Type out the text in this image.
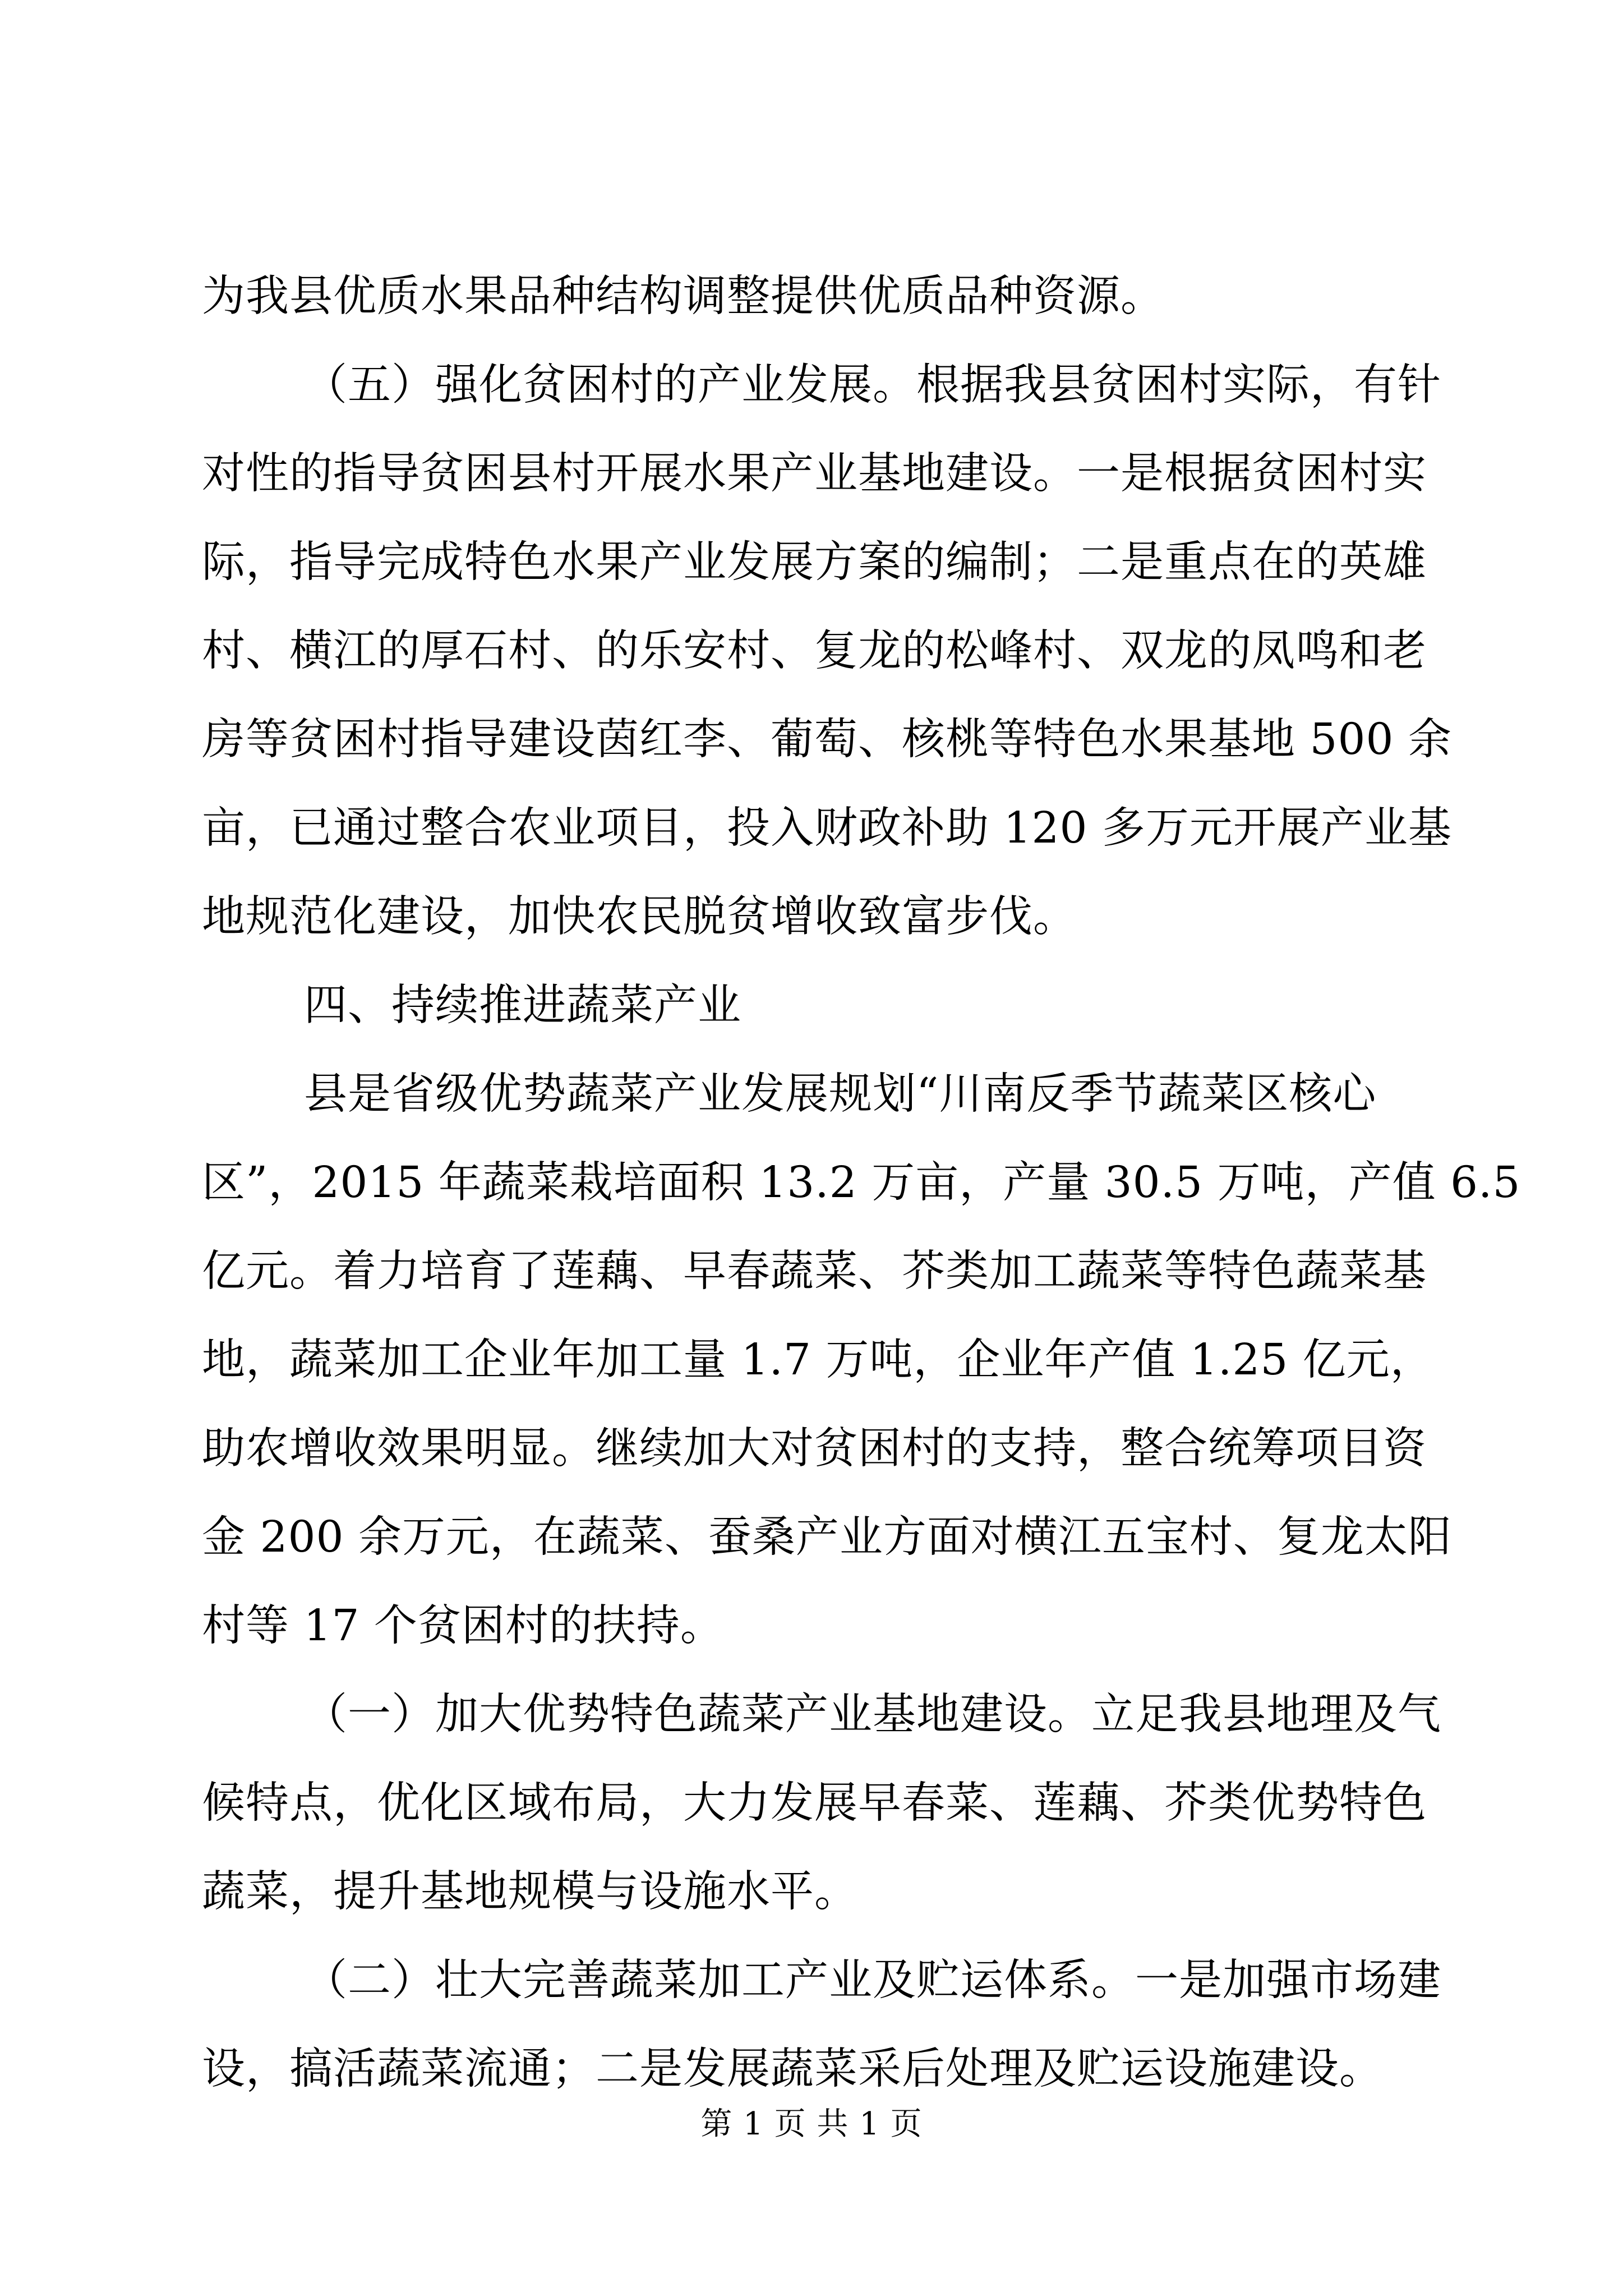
为我县优质水果品种结构调整提供优质品种资源。
（五）强化贫困村的产业发展。根据我县贫困村实际，有针
对性的指导贫困县村开展水果产业基地建设。一是根据贫困村实
际，指导完成特色水果产业发展方案的编制；二是重点在的英雄
村、横江的厚石村、的乐安村、复龙的松峰村、双龙的凤鸣和老
房等贫困村指导建设茵红李、葡萄、核桃等特色水果基地 500 余
亩，已通过整合农业项目，投入财政补助 120 多万元开展产业基
地规范化建设，加快农民脱贫增收致富步伐。
四、持续推进蔬菜产业
县是省级优势蔬菜产业发展规划“川南反季节蔬菜区核心
区”，2015 年蔬菜栽培面积 13.2 万亩，产量 30.5 万吨，产值 6.5
亿元。着力培育了莲藕、早春蔬菜、芥类加工蔬菜等特色蔬菜基
地，蔬菜加工企业年加工量 1.7 万吨，企业年产值 1.25 亿元，
助农增收效果明显。继续加大对贫困村的支持，整合统筹项目资
金 200 余万元，在蔬菜、蚕桑产业方面对横江五宝村、复龙太阳
村等 17 个贫困村的扶持。
（一）加大优势特色蔬菜产业基地建设。立足我县地理及气
候特点，优化区域布局，大力发展早春菜、莲藕、芥类优势特色
蔬菜，提升基地规模与设施水平。
（二）壮大完善蔬菜加工产业及贮运体系。一是加强市场建
设，搞活蔬菜流通；二是发展蔬菜采后处理及贮运设施建设。
第 1 页 共 1 页
